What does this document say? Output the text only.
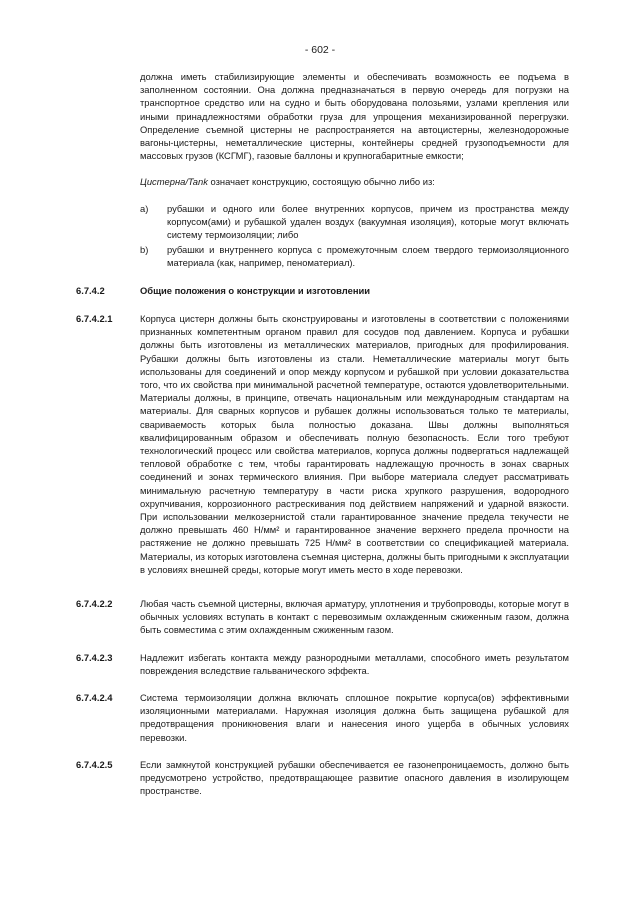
- 602 -

должна иметь стабилизирующие элементы и обеспечивать возможность ее подъема в заполненном состоянии. Она должна предназначаться в первую очередь для погрузки на транспортное средство или на судно и быть оборудована полозьями, узлами крепления или иными принадлежностями обработки груза для упрощения механизированной перегрузки. Определение съемной цистерны не распространяется на автоцистерны, железнодорожные вагоны-цистерны, неметаллические цистерны, контейнеры средней грузоподъемности для массовых грузов (КСГМГ), газовые баллоны и крупногабаритные емкости;

Цистерна/Tank означает конструкцию, состоящую обычно либо из:

a) рубашки и одного или более внутренних корпусов, причем из пространства между корпусом(ами) и рубашкой удален воздух (вакуумная изоляция), которые могут включать систему термоизоляции; либо
b) рубашки и внутреннего корпуса с промежуточным слоем твердого термоизоляционного материала (как, например, пеноматериал).
6.7.4.2	Общие положения о конструкции и изготовлении
6.7.4.2.1	Корпуса цистерн должны быть сконструированы и изготовлены в соответствии с положениями признанных компетентным органом правил для сосудов под давлением. Корпуса и рубашки должны быть изготовлены из металлических материалов, пригодных для профилирования. Рубашки должны быть изготовлены из стали. Неметаллические материалы могут быть использованы для соединений и опор между корпусом и рубашкой при условии доказательства того, что их свойства при минимальной расчетной температуре, остаются удовлетворительными. Материалы должны, в принципе, отвечать национальным или международным стандартам на материалы. Для сварных корпусов и рубашек должны использоваться только те материалы, свариваемость которых была полностью доказана. Швы должны выполняться квалифицированным образом и обеспечивать полную безопасность. Если того требуют технологический процесс или свойства материалов, корпуса должны подвергаться надлежащей тепловой обработке с тем, чтобы гарантировать надлежащую прочность в зонах сварных соединений и зонах термического влияния. При выборе материала следует рассматривать минимальную расчетную температуру в части риска хрупкого разрушения, водородного охрупчивания, коррозионного растрескивания под действием напряжений и ударной вязкости. При использовании мелкозернистой стали гарантированное значение предела текучести не должно превышать 460 Н/мм² и гарантированное значение верхнего предела прочности на растяжение не должно превышать 725 Н/мм² в соответствии со спецификацией материала. Материалы, из которых изготовлена съемная цистерна, должны быть пригодными к эксплуатации в условиях внешней среды, которые могут иметь место в ходе перевозки.
6.7.4.2.2	Любая часть съемной цистерны, включая арматуру, уплотнения и трубопроводы, которые могут в обычных условиях вступать в контакт с перевозимым охлажденным сжиженным газом, должна быть совместима с этим охлажденным сжиженным газом.
6.7.4.2.3	Надлежит избегать контакта между разнородными металлами, способного иметь результатом повреждения вследствие гальванического эффекта.
6.7.4.2.4	Система термоизоляции должна включать сплошное покрытие корпуса(ов) эффективными изоляционными материалами. Наружная изоляция должна быть защищена рубашкой для предотвращения проникновения влаги и нанесения иного ущерба в обычных условиях перевозки.
6.7.4.2.5	Если замкнутой конструкцией рубашки обеспечивается ее газонепроницаемость, должно быть предусмотрено устройство, предотвращающее развитие опасного давления в изолирующем пространстве.
